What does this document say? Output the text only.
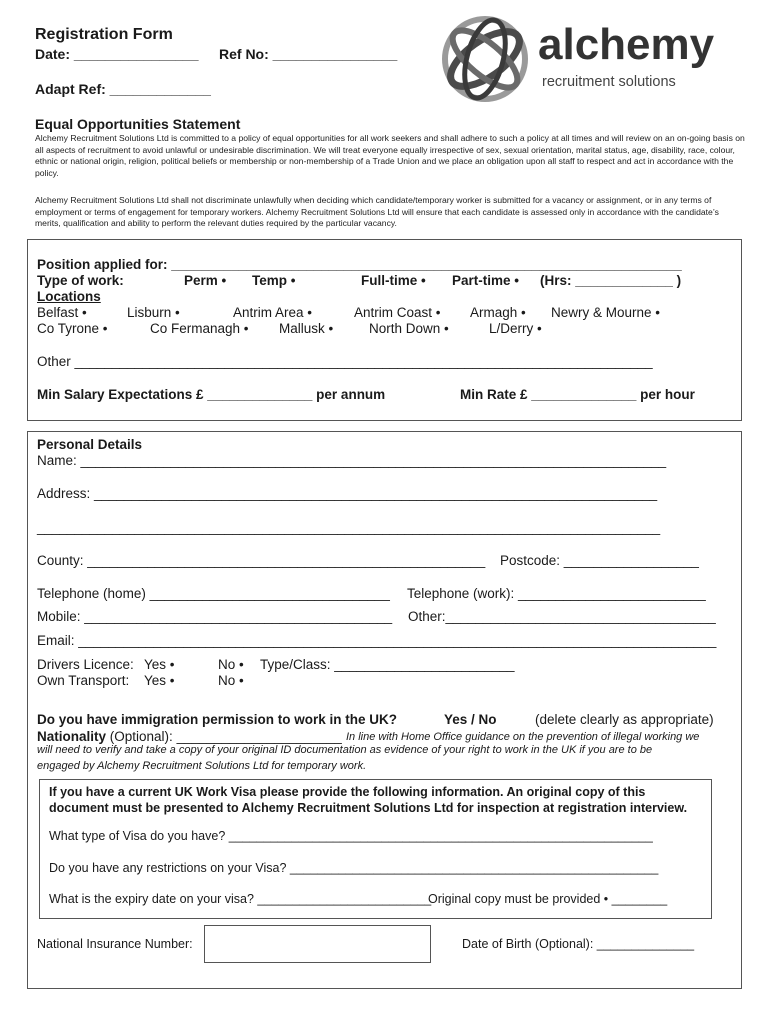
Registration Form
Date: ________________ Ref No: ________________
Adapt Ref: _____________
alchemy
recruitment solutions
Equal Opportunities Statement
Alchemy Recruitment Solutions Ltd is committed to a policy of equal opportunities for all work seekers and shall adhere to such a policy at all times and will review on an on-going basis on all aspects of recruitment to avoid unlawful or undesirable discrimination. We will treat everyone equally irrespective of sex, sexual orientation, marital status, age, disability, race, colour, ethnic or national origin, religion, political beliefs or membership or non-membership of a Trade Union and we place an obligation upon all staff to respect and act in accordance with the policy.
Alchemy Recruitment Solutions Ltd shall not discriminate unlawfully when deciding which candidate/temporary worker is submitted for a vacancy or assignment, or in any terms of employment or terms of engagement for temporary workers. Alchemy Recruitment Solutions Ltd will ensure that each candidate is assessed only in accordance with the candidate’s merits, qualification and ability to perform the relevant duties required by the particular vacancy.
Position applied for: ____________________________________________________________________
Type of work:	Perm • Temp •	Full-time • Part-time • (Hrs: _____________ )
Locations
Belfast •	Lisburn •	Antrim Area •	Antrim Coast • Armagh • Newry & Mourne •
Co Tyrone •	Co Fermanagh • Mallusk •	North Down •	L/Derry •
Other _____________________________________________________________________________
Min Salary Expectations £ ______________ per annum	Min Rate £ ______________ per hour
Personal Details
Name: ______________________________________________________________________________
Address: ___________________________________________________________________________
___________________________________________________________________________________
County: _____________________________________________________ Postcode: __________________
Telephone (home) ________________________________ Telephone (work): _________________________
Mobile: _________________________________________ Other:____________________________________
Email: _____________________________________________________________________________________
Drivers Licence: Yes •	No • Type/Class: ________________________
Own Transport: Yes •	No •
Do you have immigration permission to work in the UK?	Yes / No	(delete clearly as appropriate)
Nationality (Optional): ______________________ In line with Home Office guidance on the prevention of illegal working we
will need to verify and take a copy of your original ID documentation as evidence of your right to work in the UK if you are to be
engaged by Alchemy Recruitment Solutions Ltd for temporary work.
If you have a current UK Work Visa please provide the following information. An original copy of this
document must be presented to Alchemy Recruitment Solutions Ltd for inspection at registration interview.
What type of Visa do you have? _____________________________________________________________
Do you have any restrictions on your Visa? _____________________________________________________
What is the expiry date on your visa? _________________________
Original copy must be provided • ________
National Insurance Number:	Date of Birth (Optional): ______________
